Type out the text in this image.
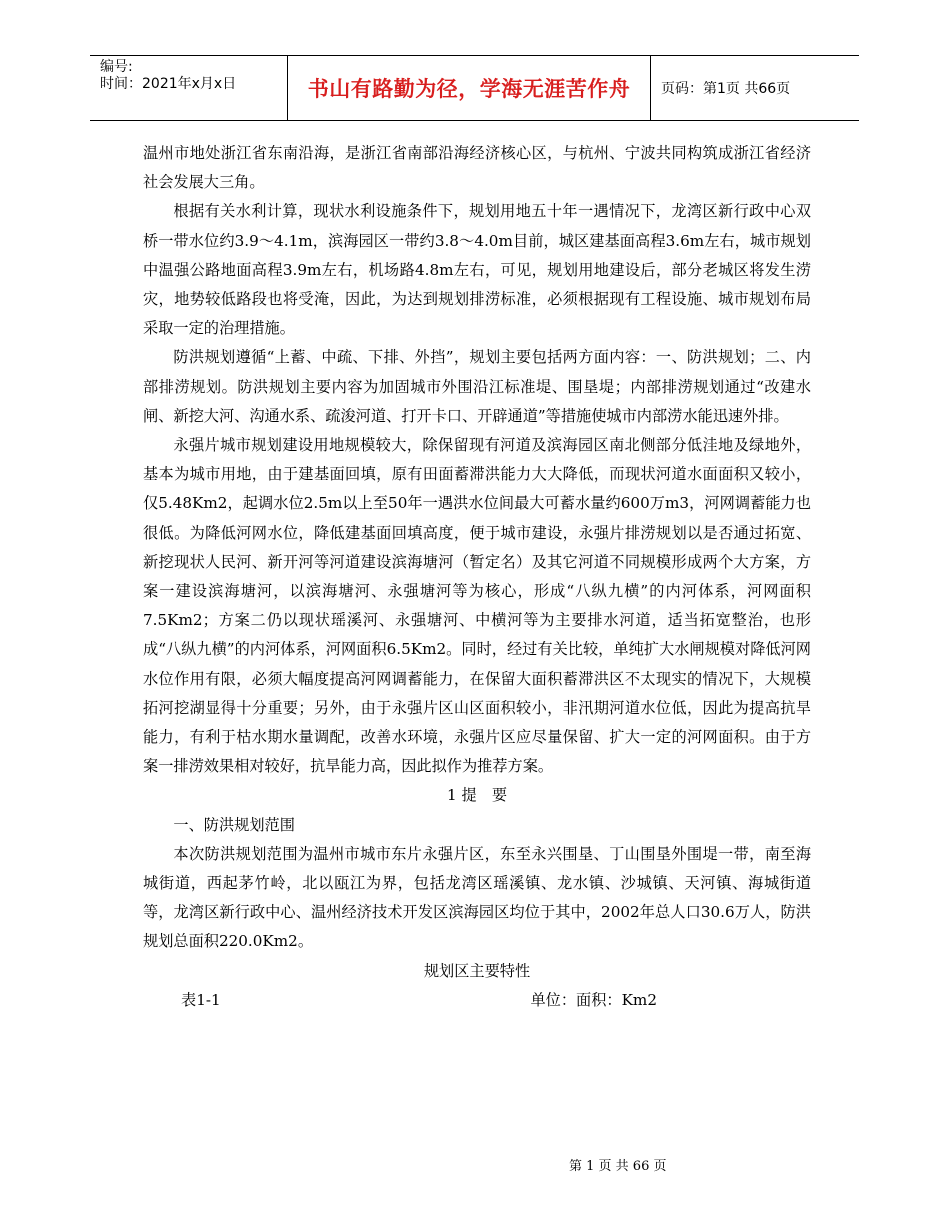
编号:
时间：2021年x月x日	书山有路勤为径，学海无涯苦作舟 页码：第1页 共66页

温州市地处浙江省东南沿海，是浙江省南部沿海经济核心区，与杭州、宁波共同构筑成浙江省经济社会发展大三角。

根据有关水利计算，现状水利设施条件下，规划用地五十年一遇情况下，龙湾区新行政中心双桥一带水位约3.9～4.1m，滨海园区一带约3.8～4.0m目前，城区建基面高程3.6m左右，城市规划中温强公路地面高程3.9m左右，机场路4.8m左右，可见，规划用地建设后，部分老城区将发生涝灾，地势较低路段也将受淹，因此，为达到规划排涝标准，必须根据现有工程设施、城市规划布局采取一定的治理措施。

防洪规划遵循“上蓄、中疏、下排、外挡”，规划主要包括两方面内容：一、防洪规划；二、内部排涝规划。防洪规划主要内容为加固城市外围沿江标准堤、围垦堤；内部排涝规划通过“改建水闸、新挖大河、沟通水系、疏浚河道、打开卡口、开辟通道”等措施使城市内部涝水能迅速外排。

永强片城市规划建设用地规模较大，除保留现有河道及滨海园区南北侧部分低洼地及绿地外，基本为城市用地，由于建基面回填，原有田面蓄滞洪能力大大降低，而现状河道水面面积又较小，仅5.48Km2，起调水位2.5m以上至50年一遇洪水位间最大可蓄水量约600万m3，河网调蓄能力也很低。为降低河网水位，降低建基面回填高度，便于城市建设，永强片排涝规划以是否通过拓宽、新挖现状人民河、新开河等河道建设滨海塘河（暂定名）及其它河道不同规模形成两个大方案，方案一建设滨海塘河，以滨海塘河、永强塘河等为核心，形成“八纵九横”的内河体系，河网面积7.5Km2；方案二仍以现状瑶溪河、永强塘河、中横河等为主要排水河道，适当拓宽整治，也形成“八纵九横”的内河体系，河网面积6.5Km2。同时，经过有关比较，单纯扩大水闸规模对降低河网水位作用有限，必须大幅度提高河网调蓄能力，在保留大面积蓄滞洪区不太现实的情况下，大规模拓河挖湖显得十分重要；另外，由于永强片区山区面积较小，非汛期河道水位低，因此为提高抗旱能力，有利于枯水期水量调配，改善水环境，永强片区应尽量保留、扩大一定的河网面积。由于方案一排涝效果相对较好，抗旱能力高，因此拟作为推荐方案。

1 提　要

一、防洪规划范围

本次防洪规划范围为温州市城市东片永强片区，东至永兴围垦、丁山围垦外围堤一带，南至海城街道，西起茅竹岭，北以瓯江为界，包括龙湾区瑶溪镇、龙水镇、沙城镇、天河镇、海城街道等，龙湾区新行政中心、温州经济技术开发区滨海园区均位于其中，2002年总人口30.6万人，防洪规划总面积220.0Km2。

规划区主要特性

表1-1	单位：面积：Km2
第 1 页 共 66 页
